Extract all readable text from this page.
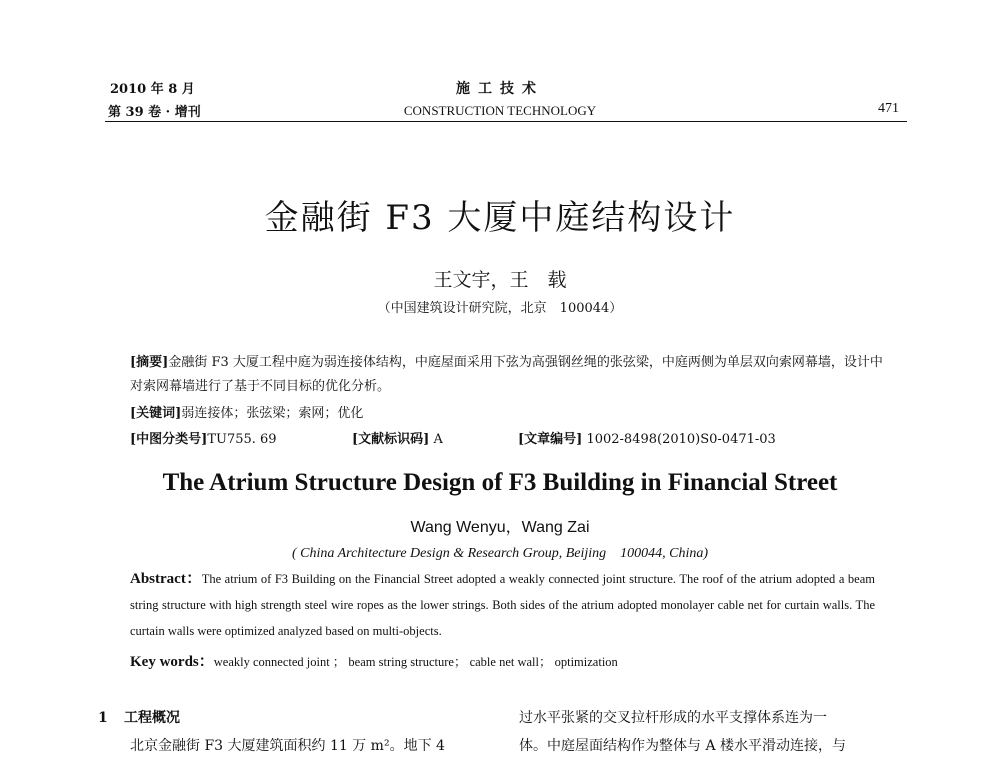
2010 年 8 月
第 39 卷 · 增刊
施工技术
CONSTRUCTION TECHNOLOGY	471
金融街 F3 大厦中庭结构设计
王文宇，王　载
（中国建筑设计研究院，北京　100044）
[摘要]金融街 F3 大厦工程中庭为弱连接体结构，中庭屋面采用下弦为高强钢丝绳的张弦梁，中庭两侧为单层双向索网幕墙，设计中对索网幕墙进行了基于不同目标的优化分析。
[关键词]弱连接体；张弦梁；索网；优化
[中图分类号]TU755. 69	[文献标识码] A	[文章编号] 1002-8498(2010)S0-0471-03
The Atrium Structure Design of F3 Building in Financial Street
Wang Wenyu，Wang Zai
( China Architecture Design & Research Group, Beijing　100044, China)
Abstract：The atrium of F3 Building on the Financial Street adopted a weakly connected joint structure. The roof of the atrium adopted a beam string structure with high strength steel wire ropes as the lower strings. Both sides of the atrium adopted monolayer cable net for curtain walls. The curtain walls were optimized analyzed based on multi-objects.
Key words：weakly connected joint ； beam string structure； cable net wall； optimization
1 工程概况
北京金融街 F3 大厦建筑面积约 11 万 m²。地下 4
过水平张紧的交叉拉杆形成的水平支撑体系连为一
体。中庭屋面结构作为整体与 A 楼水平滑动连接，与
